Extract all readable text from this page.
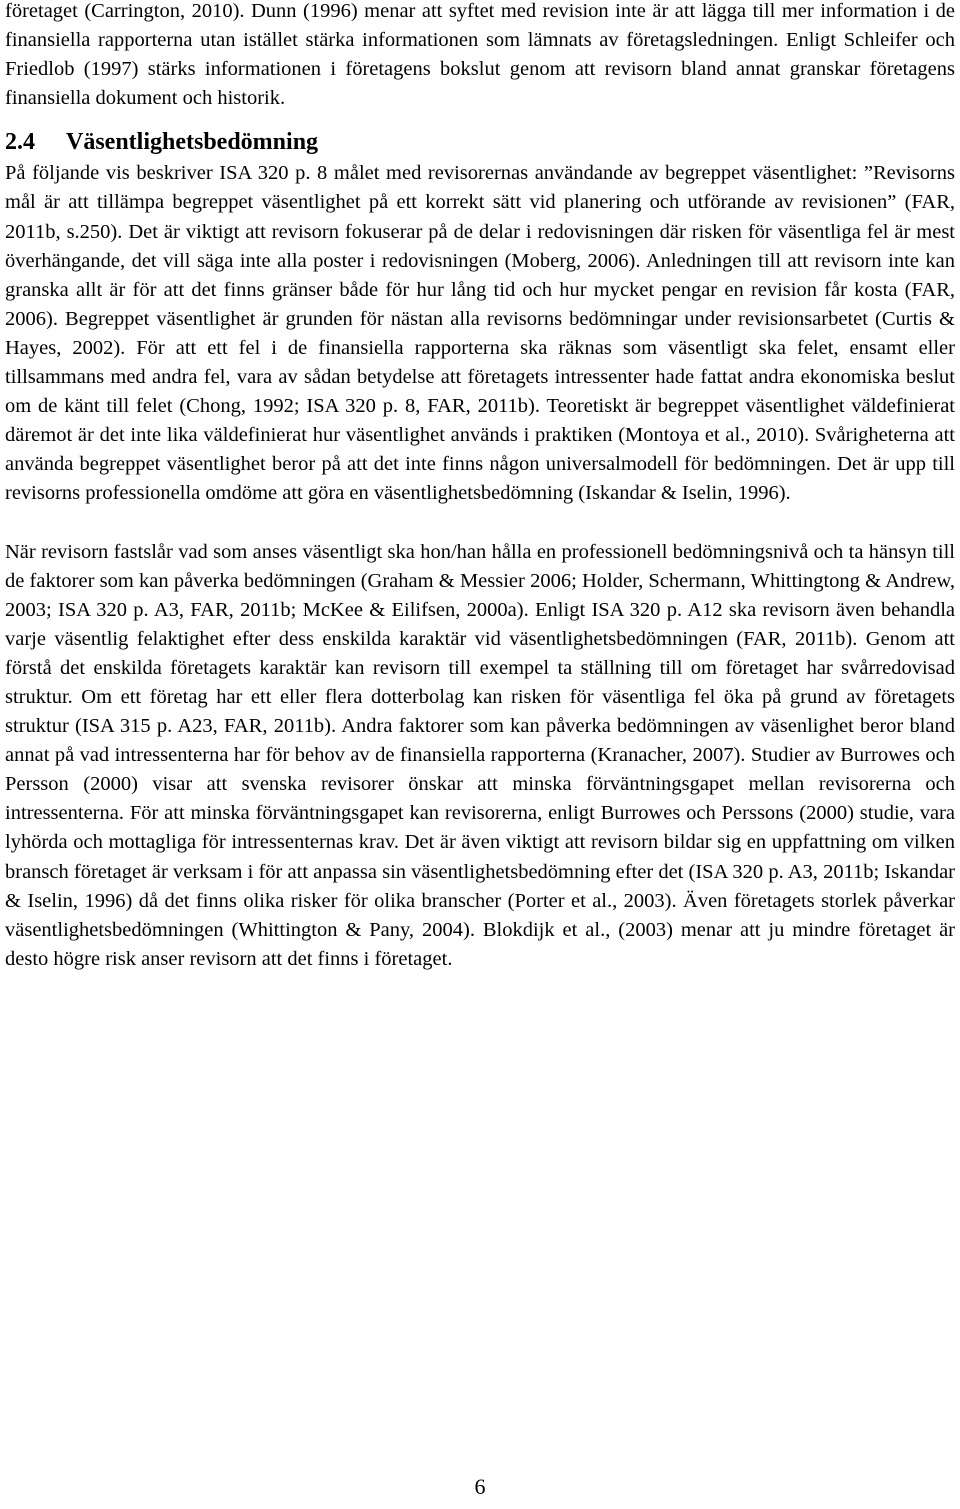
företaget (Carrington, 2010). Dunn (1996) menar att syftet med revision inte är att lägga till mer information i de finansiella rapporterna utan istället stärka informationen som lämnats av företagsledningen. Enligt Schleifer och Friedlob (1997) stärks informationen i företagens bokslut genom att revisorn bland annat granskar företagens finansiella dokument och historik.

2.4 Väsentlighetsbedömning

På följande vis beskriver ISA 320 p. 8 målet med revisorernas användande av begreppet väsentlighet: ”Revisorns mål är att tillämpa begreppet väsentlighet på ett korrekt sätt vid planering och utförande av revisionen” (FAR, 2011b, s.250). Det är viktigt att revisorn fokuserar på de delar i redovisningen där risken för väsentliga fel är mest överhängande, det vill säga inte alla poster i redovisningen (Moberg, 2006). Anledningen till att revisorn inte kan granska allt är för att det finns gränser både för hur lång tid och hur mycket pengar en revision får kosta (FAR, 2006). Begreppet väsentlighet är grunden för nästan alla revisorns bedömningar under revisionsarbetet (Curtis & Hayes, 2002). För att ett fel i de finansiella rapporterna ska räknas som väsentligt ska felet, ensamt eller tillsammans med andra fel, vara av sådan betydelse att företagets intressenter hade fattat andra ekonomiska beslut om de känt till felet (Chong, 1992; ISA 320 p. 8, FAR, 2011b). Teoretiskt är begreppet väsentlighet väldefinierat däremot är det inte lika väldefinierat hur väsentlighet används i praktiken (Montoya et al., 2010). Svårigheterna att använda begreppet väsentlighet beror på att det inte finns någon universalmodell för bedömningen. Det är upp till revisorns professionella omdöme att göra en väsentlighetsbedömning (Iskandar & Iselin, 1996).

När revisorn fastslår vad som anses väsentligt ska hon/han hålla en professionell bedömningsnivå och ta hänsyn till de faktorer som kan påverka bedömningen (Graham & Messier 2006; Holder, Schermann, Whittingtong & Andrew, 2003; ISA 320 p. A3, FAR, 2011b; McKee & Eilifsen, 2000a). Enligt ISA 320 p. A12 ska revisorn även behandla varje väsentlig felaktighet efter dess enskilda karaktär vid väsentlighetsbedömningen (FAR, 2011b). Genom att förstå det enskilda företagets karaktär kan revisorn till exempel ta ställning till om företaget har svårredovisad struktur. Om ett företag har ett eller flera dotterbolag kan risken för väsentliga fel öka på grund av företagets struktur (ISA 315 p. A23, FAR, 2011b). Andra faktorer som kan påverka bedömningen av väsenlighet beror bland annat på vad intressenterna har för behov av de finansiella rapporterna (Kranacher, 2007). Studier av Burrowes och Persson (2000) visar att svenska revisorer önskar att minska förväntningsgapet mellan revisorerna och intressenterna. För att minska förväntningsgapet kan revisorerna, enligt Burrowes och Perssons (2000) studie, vara lyhörda och mottagliga för intressenternas krav. Det är även viktigt att revisorn bildar sig en uppfattning om vilken bransch företaget är verksam i för att anpassa sin väsentlighetsbedömning efter det (ISA 320 p. A3, 2011b; Iskandar & Iselin, 1996) då det finns olika risker för olika branscher (Porter et al., 2003). Även företagets storlek påverkar väsentlighetsbedömningen (Whittington & Pany, 2004). Blokdijk et al., (2003) menar att ju mindre företaget är desto högre risk anser revisorn att det finns i företaget.

6
